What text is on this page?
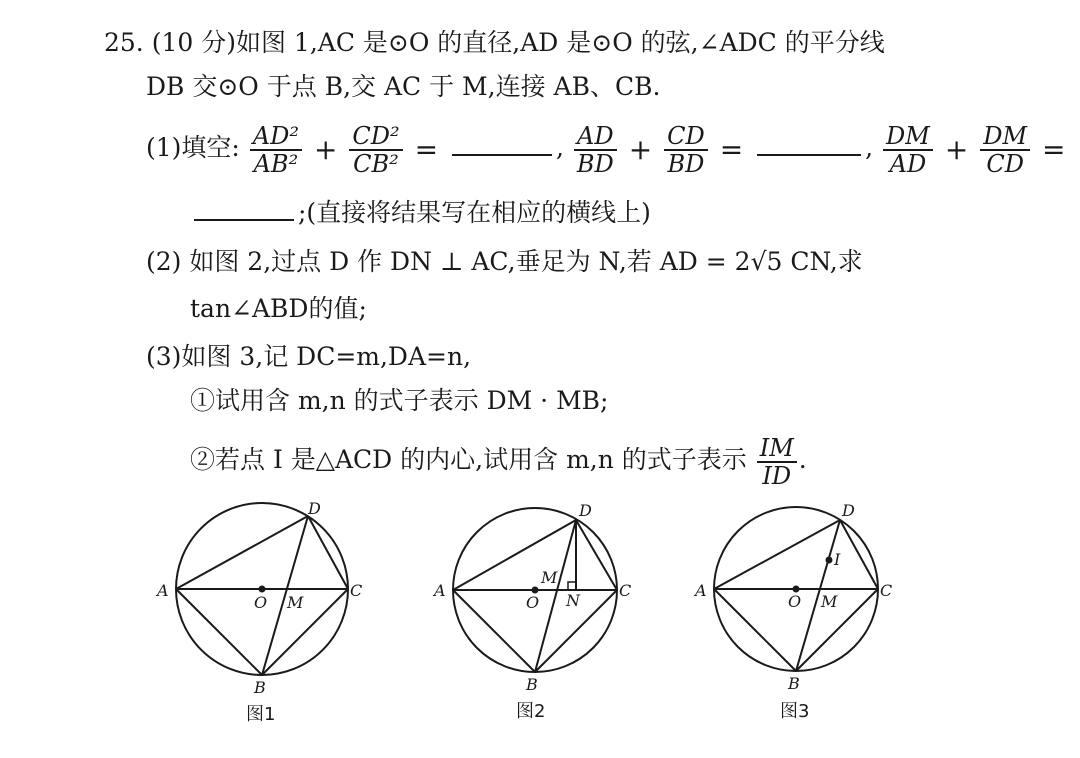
25. (10 分)如图 1,AC 是⊙O 的直径,AD 是⊙O 的弦,∠ADC 的平分线
DB 交⊙O 于点 B,交 AC 于 M,连接 AB、CB.
(1)填空: $\frac{\text{AD²}}{\text{AB²}} + \frac{\text{CD²}}{\text{CB²}}$ =	, $\frac{AD}{BD} + \frac{CD}{BD}$ =	, $\frac{DM}{AD} + \frac{DM}{CD}$ =
;(直接将结果写在相应的横线上)
(2) 如图 2,过点 D 作 DN ⊥ AC,垂足为 N,若 AD = 2√5 CN,求
tan∠ABD的值;
(3)如图 3,记 DC=m,DA=n,
①试用含 m,n 的式子表示 DM · MB;
②若点 I 是△ACD 的内心,试用含 m,n 的式子表示 $\frac{IM}{ID}$ .
A	C
D
B
O M
A	C
D
B
O
M
N
A	C
D
B
O M
I
图1	图2	图3
